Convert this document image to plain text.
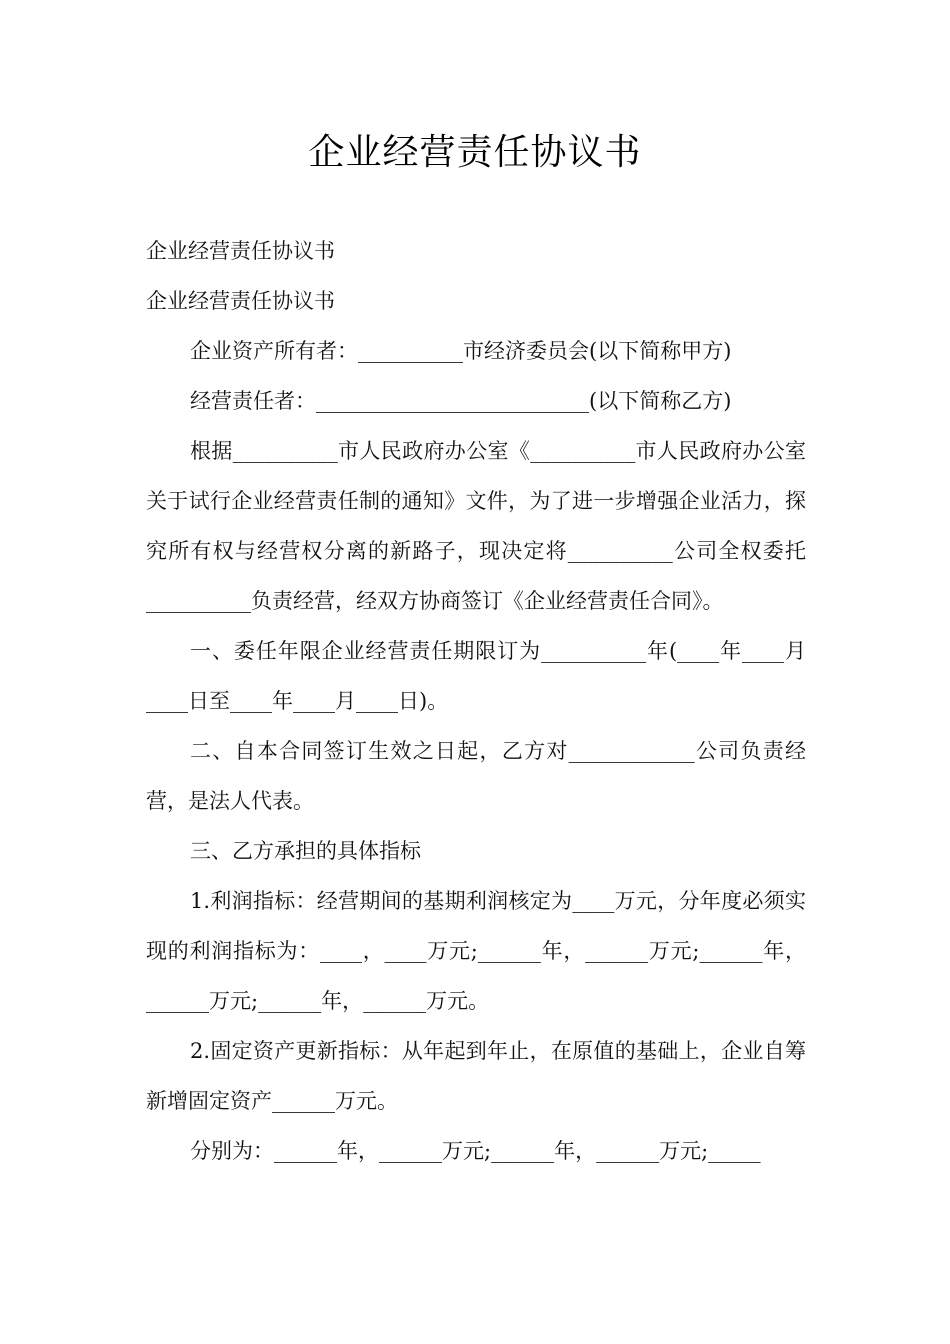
企业经营责任协议书

企业经营责任协议书

企业经营责任协议书

企业资产所有者：__________市经济委员会(以下简称甲方)

经营责任者：__________________________(以下简称乙方)

根据__________市人民政府办公室《__________市人民政府办公室关于试行企业经营责任制的通知》文件，为了进一步增强企业活力，探究所有权与经营权分离的新路子，现决定将__________公司全权委托__________负责经营，经双方协商签订《企业经营责任合同》。

一、委任年限企业经营责任期限订为__________年(____年____月____日至____年____月____日)。

二、自本合同签订生效之日起，乙方对____________公司负责经营，是法人代表。

三、乙方承担的具体指标

1.利润指标：经营期间的基期利润核定为____万元，分年度必须实现的利润指标为：____，____万元;______年，______万元;______年，______万元;______年，______万元。

2.固定资产更新指标：从年起到年止，在原值的基础上，企业自筹新增固定资产______万元。

分别为：______年，______万元;______年，______万元;_____
